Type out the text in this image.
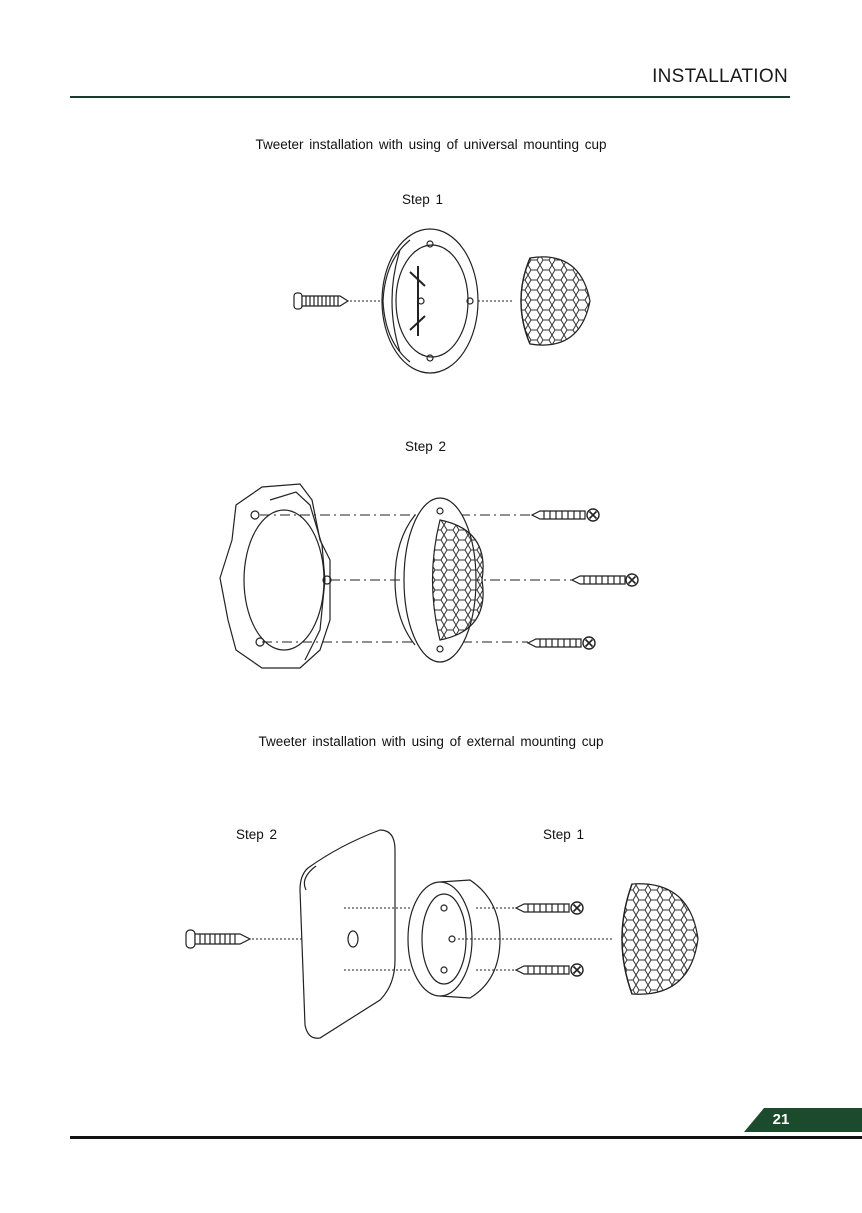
INSTALLATION
Tweeter installation with using of universal mounting cup
Step 1
Step 2
Tweeter installation with using of external mounting cup
Step 2	Step 1
21
